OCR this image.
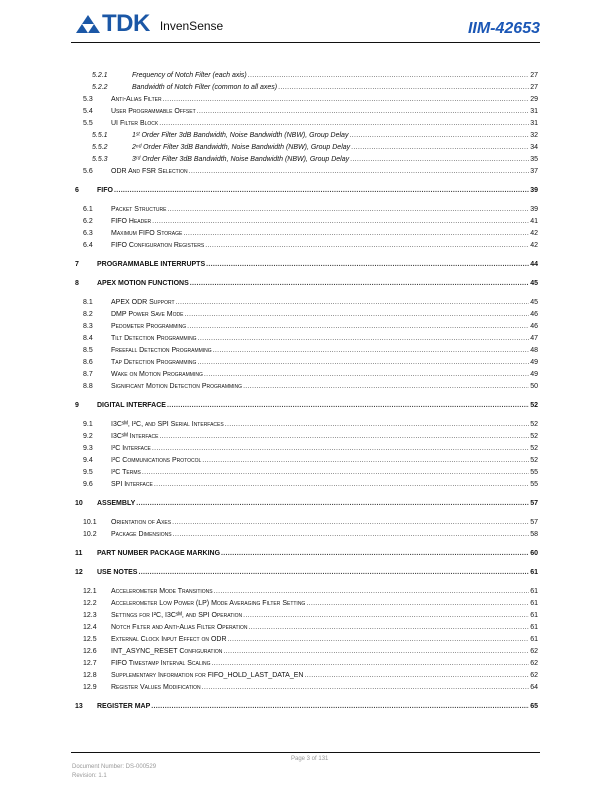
TDK InvenSense	IIM-42653
5.2.1	Frequency of Notch Filter (each axis) .....	27
5.2.2	Bandwidth of Notch Filter (common to all axes) .....	27
5.3	Anti-Alias Filter .....	29
5.4	User Programmable Offset .....	31
5.5	UI Filter Block .....	31
5.5.1	1ˢᵗ Order Filter 3dB Bandwidth, Noise Bandwidth (NBW), Group Delay .....	32
5.5.2	2ⁿᵈ Order Filter 3dB Bandwidth, Noise Bandwidth (NBW), Group Delay .....	34
5.5.3	3ʳᵈ Order Filter 3dB Bandwidth, Noise Bandwidth (NBW), Group Delay .....	35
5.6	ODR And FSR Selection .....	37
6	FIFO .....	39
6.1	Packet Structure .....	39
6.2	FIFO Header .....	41
6.3	Maximum FIFO Storage .....	42
6.4	FIFO Configuration Registers .....	42
7	PROGRAMMABLE INTERRUPTS .....	44
8	APEX MOTION FUNCTIONS .....	45
8.1	APEX ODR Support .....	45
8.2	DMP Power Save Mode .....	46
8.3	Pedometer Programming .....	46
8.4	Tilt Detection Programming .....	47
8.5	Freefall Detection Programming .....	48
8.6	Tap Detection Programming .....	49
8.7	Wake on Motion Programming .....	49
8.8	Significant Motion Detection Programming .....	50
9	DIGITAL INTERFACE .....	52
9.1	I3Cˢᴹ, I²C, and SPI Serial Interfaces .....	52
9.2	I3Cˢᴹ Interface .....	52
9.3	I²C Interface .....	52
9.4	I²C Communications Protocol .....	52
9.5	I²C Terms .....	55
9.6	SPI Interface .....	55
10	ASSEMBLY .....	57
10.1	Orientation of Axes .....	57
10.2	Package Dimensions .....	58
11	PART NUMBER PACKAGE MARKING .....	60
12	USE NOTES .....	61
12.1	Accelerometer Mode Transitions .....	61
12.2	Accelerometer Low Power (LP) Mode Averaging Filter Setting .....	61
12.3	Settings for I²C, I3Cˢᴹ, and SPI Operation .....	61
12.4	Notch Filter and Anti-Alias Filter Operation .....	61
12.5	External Clock Input Effect on ODR .....	61
12.6	INT_ASYNC_RESET Configuration .....	62
12.7	FIFO Timestamp Interval Scaling .....	62
12.8	Supplementary Information for FIFO_HOLD_LAST_DATA_EN .....	62
12.9	Register Values Modification .....	64
13	REGISTER MAP .....	65
Page 3 of 131
Document Number: DS-000529
Revision: 1.1
